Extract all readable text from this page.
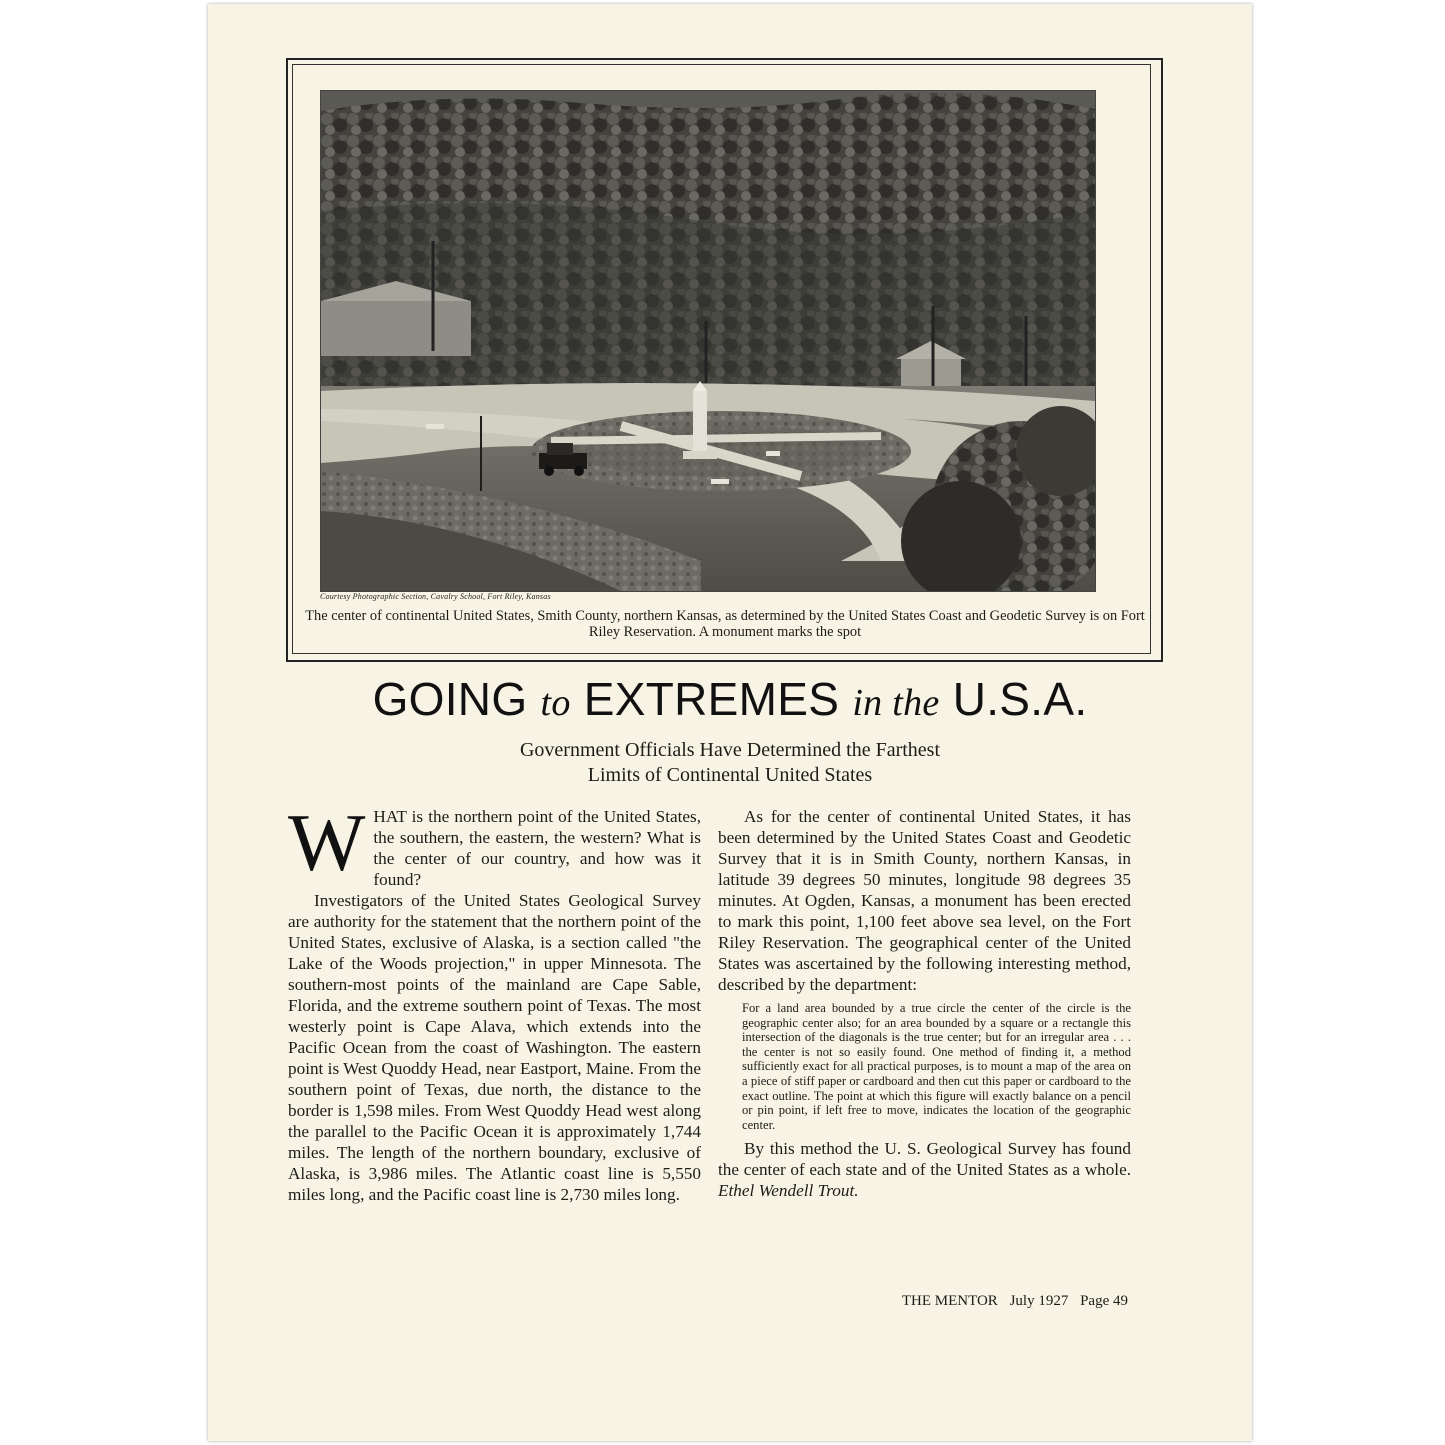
Courtesy Photographic Section, Cavalry School, Fort Riley, Kansas
The center of continental United States, Smith County, northern Kansas, as determined by the United States Coast and Geodetic Survey is on Fort Riley Reservation. A monument marks the spot
GOING to EXTREMES in the U.S.A.
Government Officials Have Determined the Farthest
Limits of Continental United States

WHAT is the northern point of the United States, the southern, the eastern, the western? What is the center of our country, and how was it found?

Investigators of the United States Geological Survey are authority for the statement that the northern point of the United States, exclusive of Alaska, is a section called "the Lake of the Woods projection," in upper Minnesota. The southern-most points of the mainland are Cape Sable, Florida, and the extreme southern point of Texas. The most westerly point is Cape Alava, which extends into the Pacific Ocean from the coast of Washington. The eastern point is West Quoddy Head, near Eastport, Maine. From the southern point of Texas, due north, the distance to the border is 1,598 miles. From West Quoddy Head west along the parallel to the Pacific Ocean it is approximately 1,744 miles. The length of the northern boundary, exclusive of Alaska, is 3,986 miles. The Atlantic coast line is 5,550 miles long, and the Pacific coast line is 2,730 miles long.

As for the center of continental United States, it has been determined by the United States Coast and Geodetic Survey that it is in Smith County, northern Kansas, in latitude 39 degrees 50 minutes, longitude 98 degrees 35 minutes. At Ogden, Kansas, a monument has been erected to mark this point, 1,100 feet above sea level, on the Fort Riley Reservation. The geographical center of the United States was ascertained by the following interesting method, described by the department:

For a land area bounded by a true circle the center of the circle is the geographic center also; for an area bounded by a square or a rectangle this intersection of the diagonals is the true center; but for an irregular area . . . the center is not so easily found. One method of finding it, a method sufficiently exact for all practical purposes, is to mount a map of the area on a piece of stiff paper or cardboard and then cut this paper or cardboard to the exact outline. The point at which this figure will exactly balance on a pencil or pin point, if left free to move, indicates the location of the geographic center.

By this method the U. S. Geological Survey has found the center of each state and of the United States as a whole. Ethel Wendell Trout.

THE MENTOR July 1927 Page 49
